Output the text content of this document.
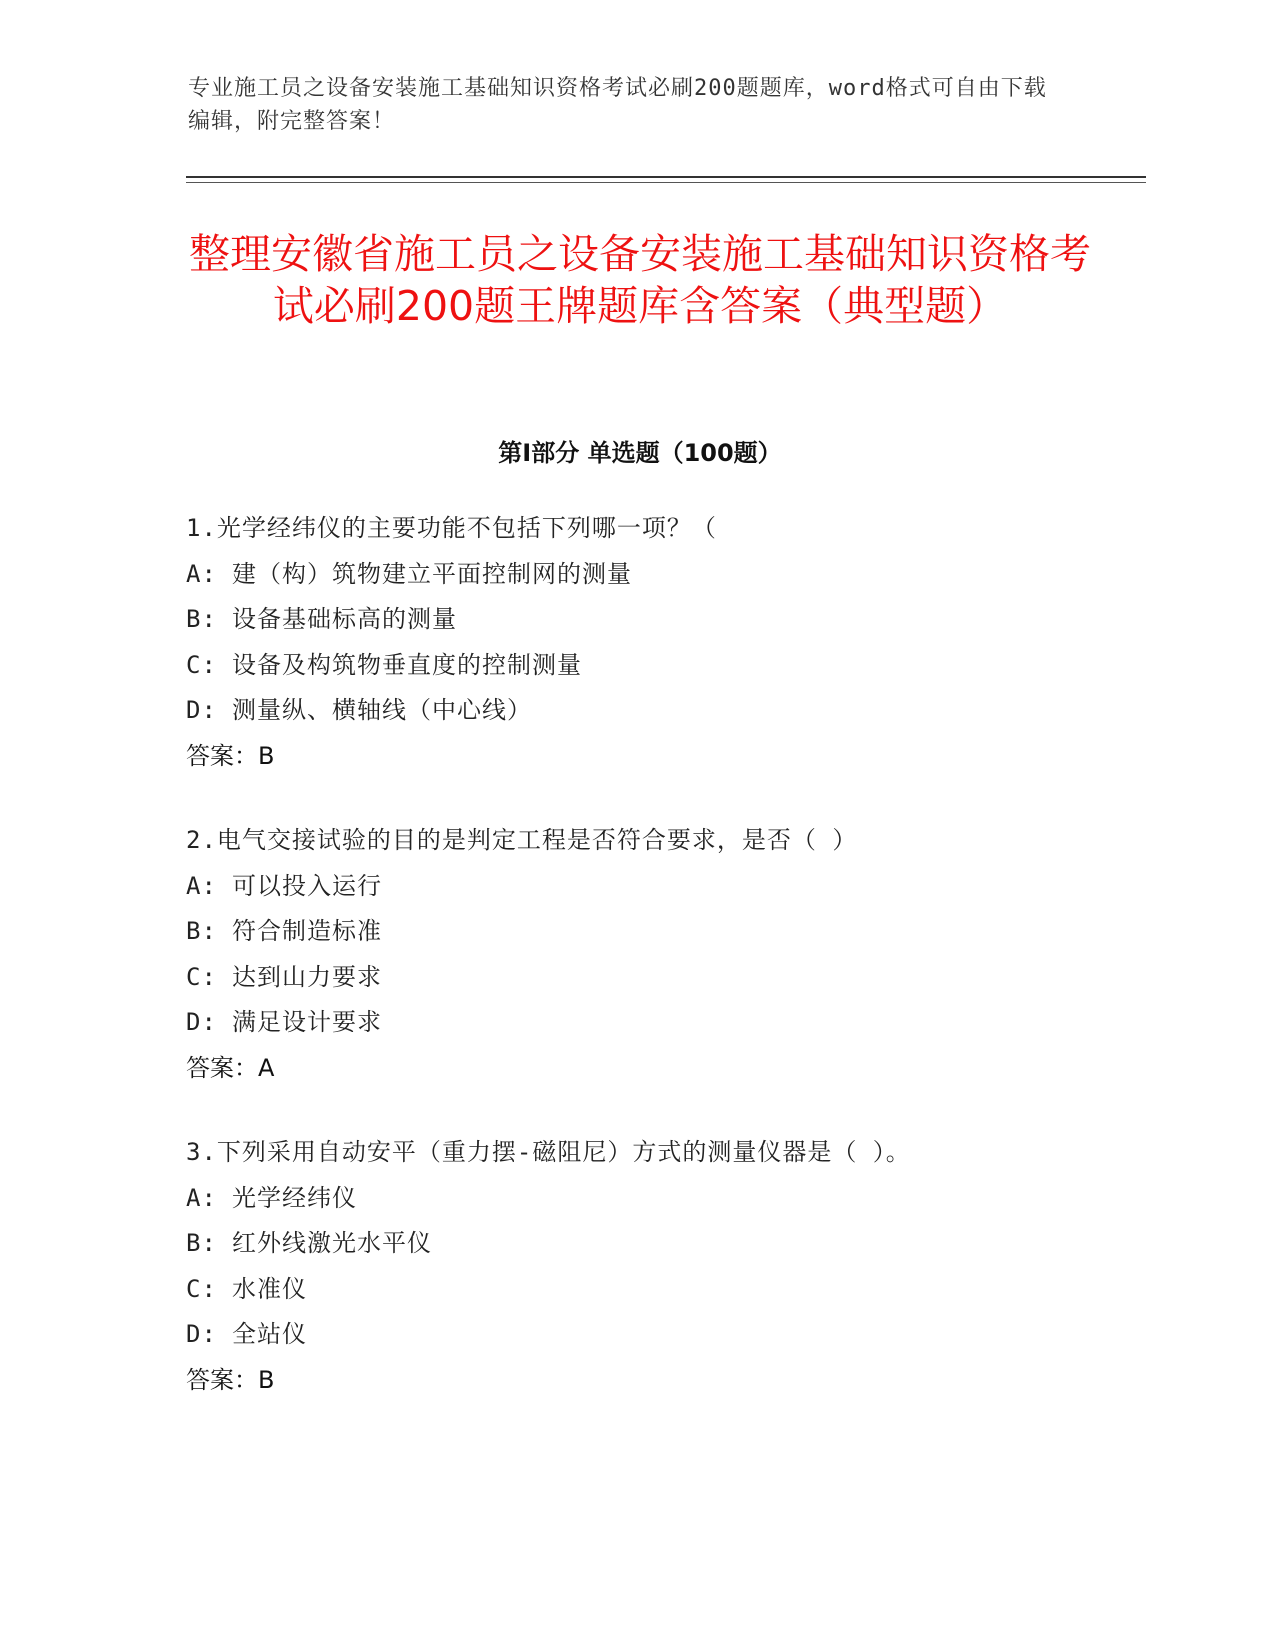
专业施工员之设备安装施工基础知识资格考试必刷200题题库，word格式可自由下载编辑，附完整答案！
整理安徽省施工员之设备安装施工基础知识资格考试必刷200题王牌题库含答案（典型题）
第I部分 单选题（100题）
1.光学经纬仪的主要功能不包括下列哪一项？（
A: 建（构）筑物建立平面控制网的测量
B: 设备基础标高的测量
C: 设备及构筑物垂直度的控制测量
D: 测量纵、横轴线（中心线）
答案：B
2.电气交接试验的目的是判定工程是否符合要求，是否（ ）
A: 可以投入运行
B: 符合制造标准
C: 达到山力要求
D: 满足设计要求
答案：A
3.下列采用自动安平（重力摆-磁阻尼）方式的测量仪器是（ ）。
A: 光学经纬仪
B: 红外线激光水平仪
C: 水准仪
D: 全站仪
答案：B
